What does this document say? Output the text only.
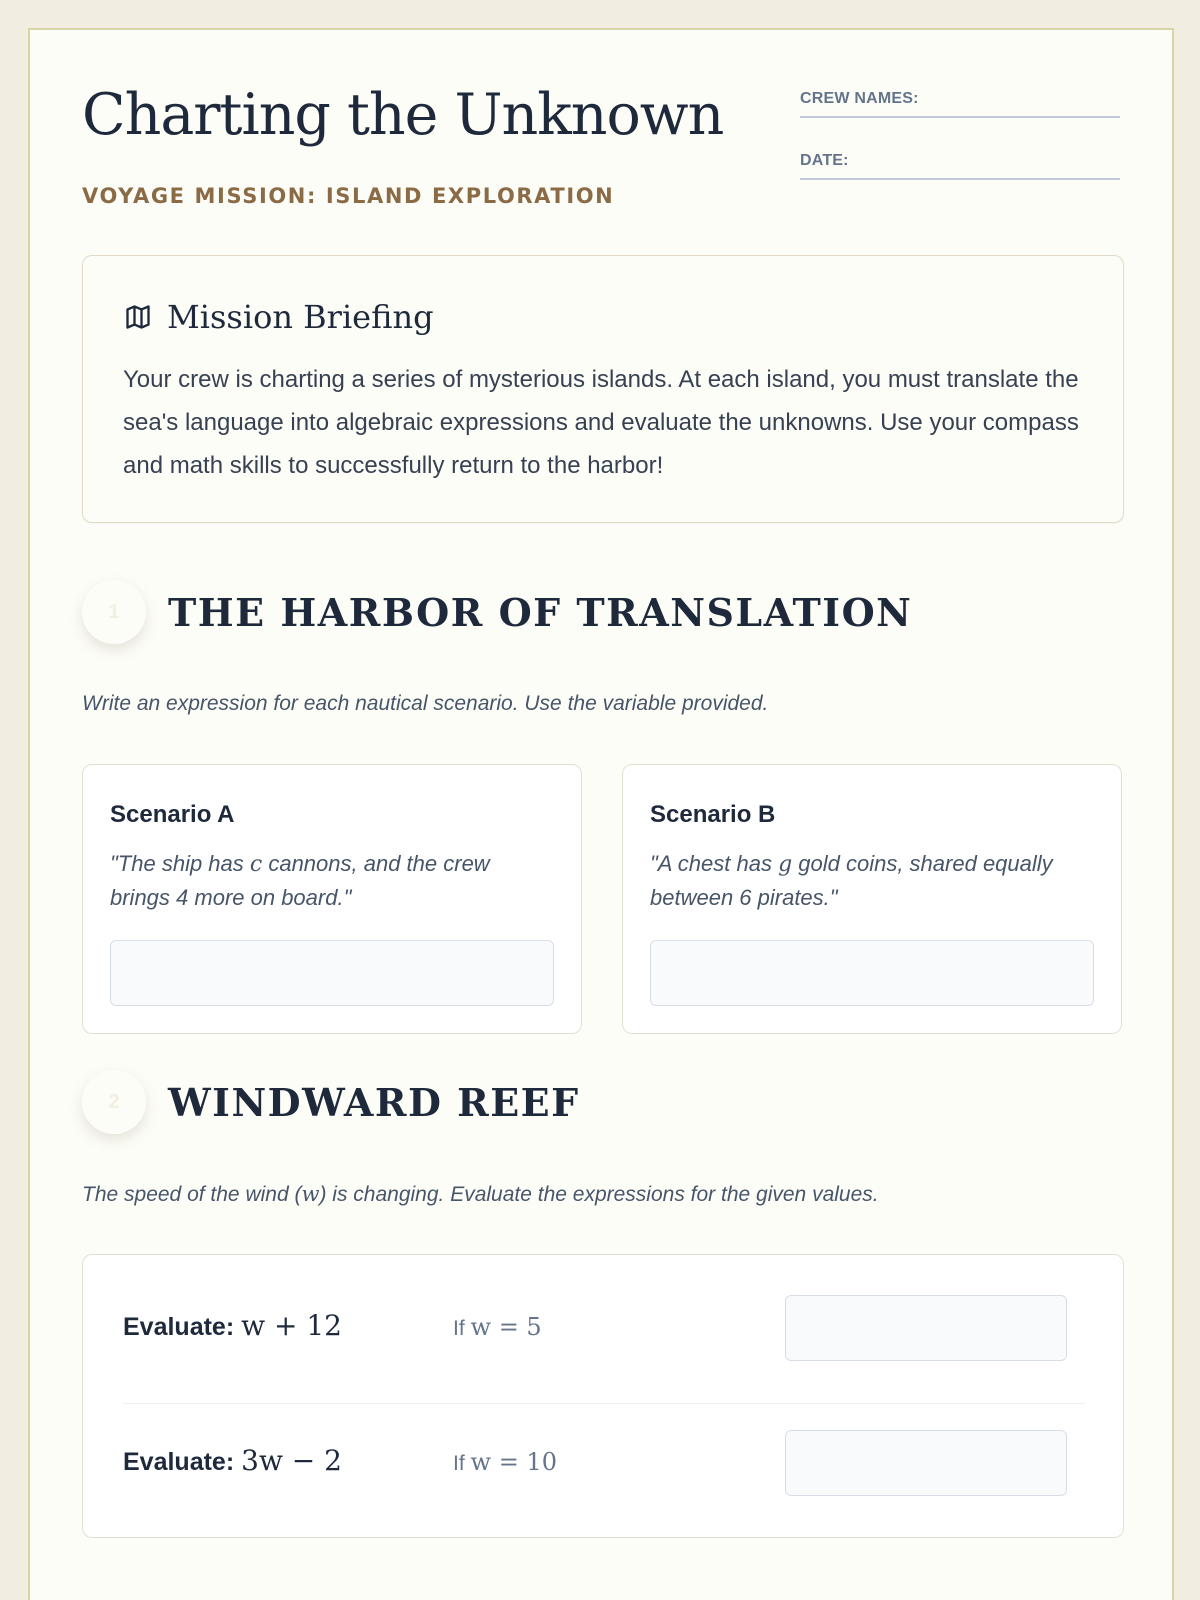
Charting the Unknown
VOYAGE MISSION: ISLAND EXPLORATION
CREW NAMES:
DATE:
Mission Briefing

Your crew is charting a series of mysterious islands. At each island, you must translate the sea's language into algebraic expressions and evaluate the unknowns. Use your compass and math skills to successfully return to the harbor!

1	THE HARBOR OF TRANSLATION

Write an expression for each nautical scenario. Use the variable provided.

Scenario A

"The ship has c cannons, and the crew brings 4 more on board."

Scenario B

"A chest has g gold coins, shared equally between 6 pirates."

2	WINDWARD REEF

The speed of the wind (w) is changing. Evaluate the expressions for the given values.

Evaluate: w + 12	If w = 5
Evaluate: 3w − 2	If w = 10
